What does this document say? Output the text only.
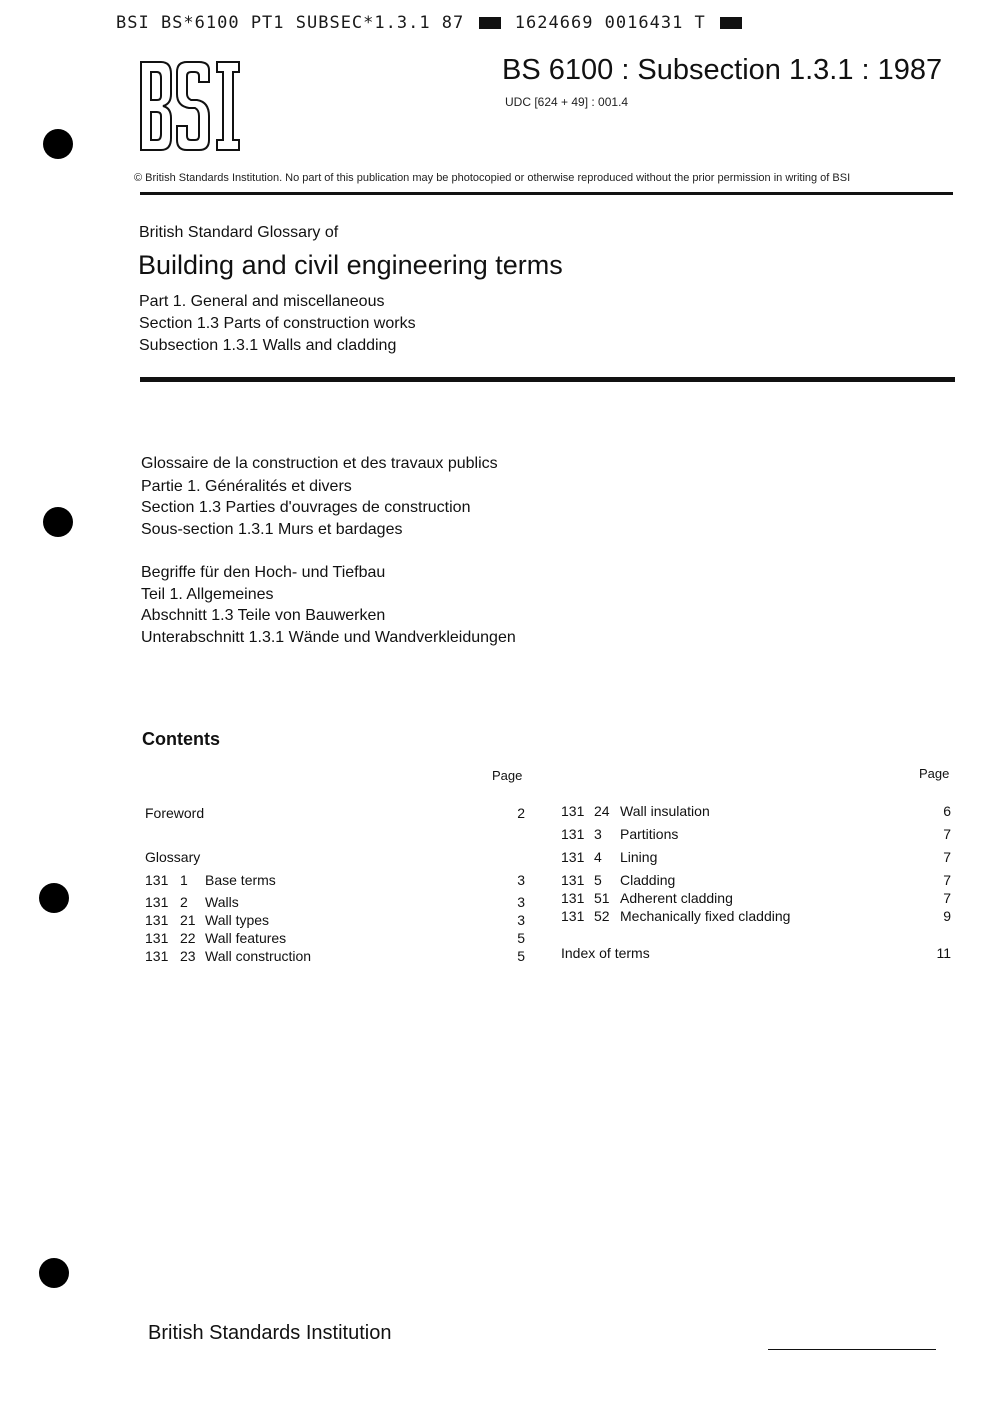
BSI BS*6100 PT1 SUBSEC*1.3.1 87	1624669 0016431 T
BS 6100 : Subsection 1.3.1 : 1987
UDC [624 + 49] : 001.4
© British Standards Institution. No part of this publication may be photocopied or otherwise reproduced without the prior permission in writing of BSI
British Standard Glossary of
Building and civil engineering terms
Part 1. General and miscellaneous
Section 1.3 Parts of construction works
Subsection 1.3.1 Walls and cladding
Glossaire de la construction et des travaux publics
Partie 1. Généralités et divers
Section 1.3 Parties d'ouvrages de construction
Sous-section 1.3.1 Murs et bardages
Begriffe für den Hoch- und Tiefbau
Teil 1. Allgemeines
Abschnitt 1.3 Teile von Bauwerken
Unterabschnitt 1.3.1 Wände und Wandverkleidungen
Contents
Page	Page
Foreword	2
Glossary
131 1 Base terms	3
131 2 Walls	3
131 21 Wall types	3
131 22 Wall features	5
131 23 Wall construction	5
131 24 Wall insulation	6
131 3 Partitions	7
131 4 Lining	7
131 5 Cladding	7
131 51 Adherent cladding	7
131 52 Mechanically fixed cladding	9
Index of terms	11
British Standards Institution
